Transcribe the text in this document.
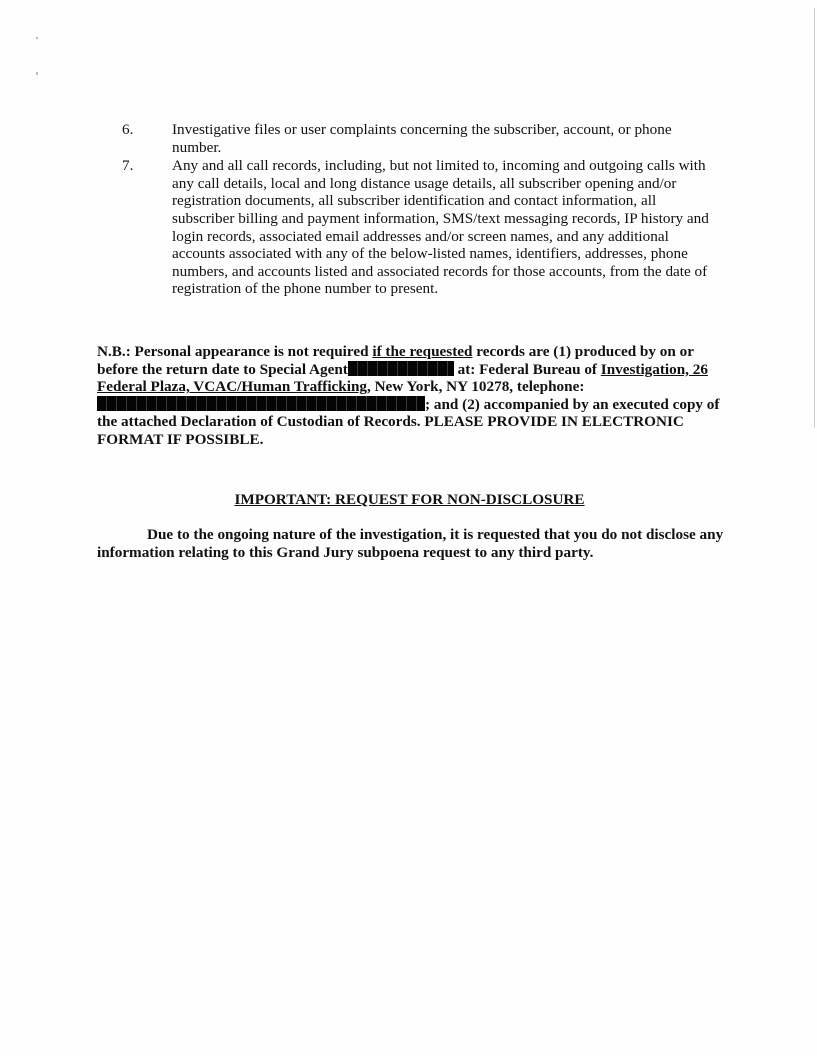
6.	Investigative files or user complaints concerning the subscriber, account, or phone number.
7.	Any and all call records, including, but not limited to, incoming and outgoing calls with any call details, local and long distance usage details, all subscriber opening and/or registration documents, all subscriber identification and contact information, all subscriber billing and payment information, SMS/text messaging records, IP history and login records, associated email addresses and/or screen names, and any additional accounts associated with any of the below-listed names, identifiers, addresses, phone numbers, and accounts listed and associated records for those accounts, from the date of registration of the phone number to present.
N.B.: Personal appearance is not required if the requested records are (1) produced by on or before the return date to Special Agent	at: Federal Bureau of Investigation, 26 Federal Plaza, VCAC/Human Trafficking, New York, NY 10278, telephone:; and (2) accompanied by an executed copy of the attached Declaration of Custodian of Records. PLEASE PROVIDE IN ELECTRONIC FORMAT IF POSSIBLE.
IMPORTANT: REQUEST FOR NON-DISCLOSURE
Due to the ongoing nature of the investigation, it is requested that you do not disclose any information relating to this Grand Jury subpoena request to any third party.
